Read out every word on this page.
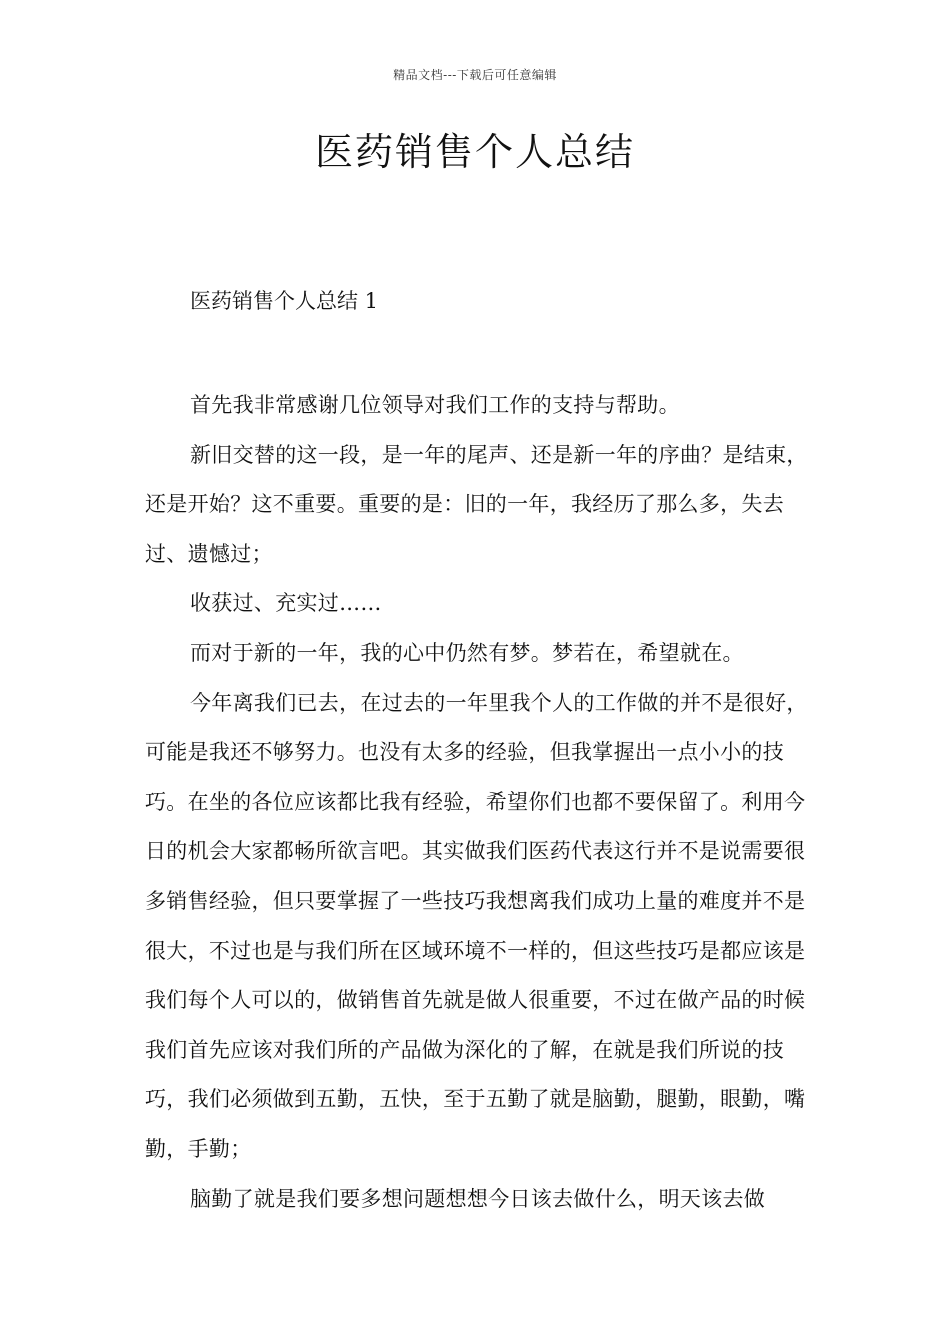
精品文档---下载后可任意编辑
医药销售个人总结
医药销售个人总结 1

首先我非常感谢几位领导对我们工作的支持与帮助。

新旧交替的这一段，是一年的尾声、还是新一年的序曲？是结束，还是开始？这不重要。重要的是：旧的一年，我经历了那么多，失去过、遗憾过；

收获过、充实过……

而对于新的一年，我的心中仍然有梦。梦若在，希望就在。

今年离我们已去，在过去的一年里我个人的工作做的并不是很好，可能是我还不够努力。也没有太多的经验，但我掌握出一点小小的技巧。在坐的各位应该都比我有经验，希望你们也都不要保留了。利用今日的机会大家都畅所欲言吧。其实做我们医药代表这行并不是说需要很多销售经验，但只要掌握了一些技巧我想离我们成功上量的难度并不是很大，不过也是与我们所在区域环境不一样的，但这些技巧是都应该是我们每个人可以的，做销售首先就是做人很重要，不过在做产品的时候我们首先应该对我们所的产品做为深化的了解，在就是我们所说的技巧，我们必须做到五勤，五快，至于五勤了就是脑勤，腿勤，眼勤，嘴勤，手勤；

脑勤了就是我们要多想问题想想今日该去做什么，明天该去做
